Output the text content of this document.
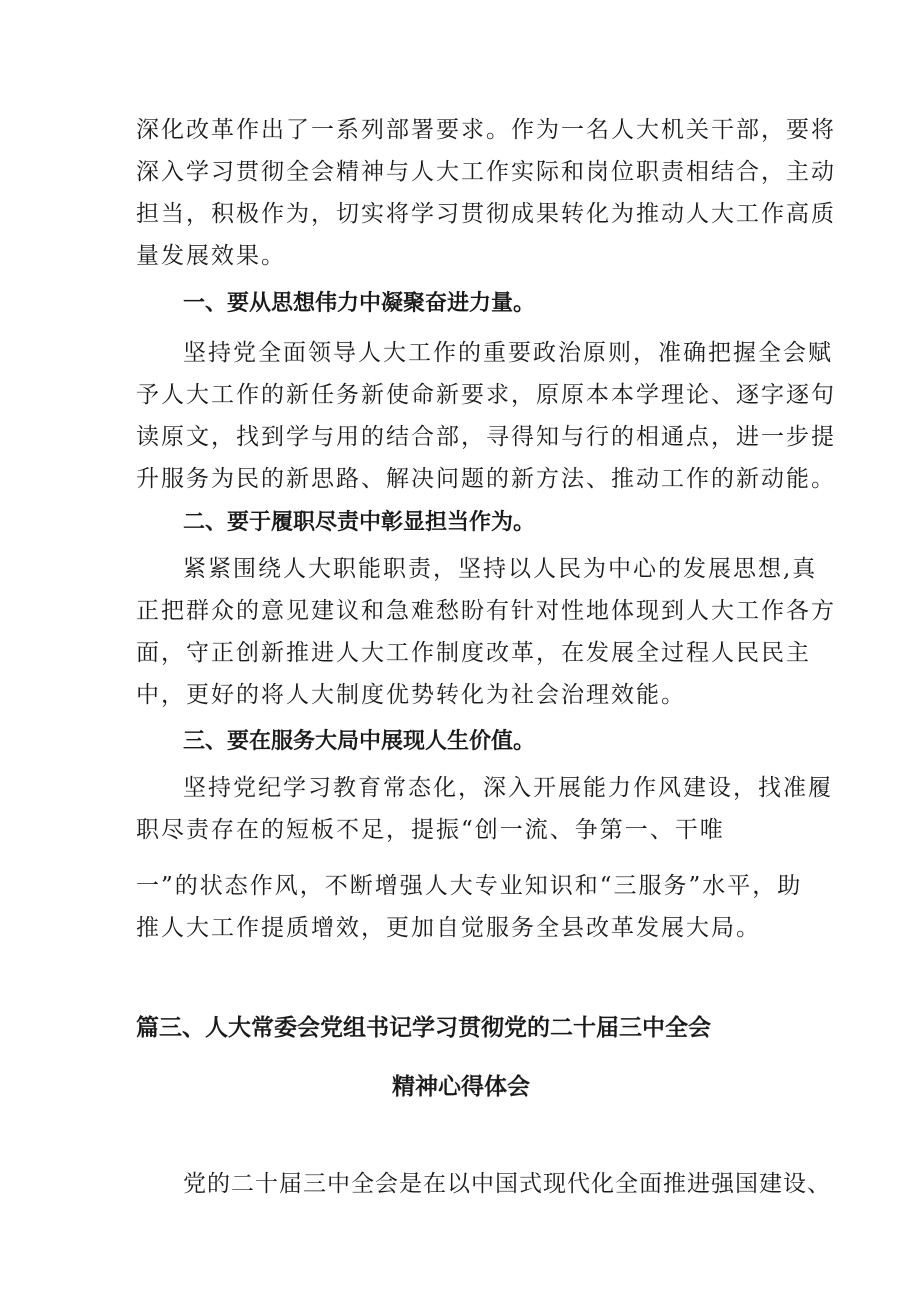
深化改革作出了一系列部署要求。作为一名人大机关干部，要将

深入学习贯彻全会精神与人大工作实际和岗位职责相结合，主动

担当，积极作为，切实将学习贯彻成果转化为推动人大工作高质

量发展效果。

一、要从思想伟力中凝聚奋进力量。

坚持党全面领导人大工作的重要政治原则，准确把握全会赋

予人大工作的新任务新使命新要求，原原本本学理论、逐字逐句

读原文，找到学与用的结合部，寻得知与行的相通点，进一步提

升服务为民的新思路、解决问题的新方法、推动工作的新动能。

二、要于履职尽责中彰显担当作为。

紧紧围绕人大职能职责，坚持以人民为中心的发展思想,真

正把群众的意见建议和急难愁盼有针对性地体现到人大工作各方

面，守正创新推进人大工作制度改革，在发展全过程人民民主

中，更好的将人大制度优势转化为社会治理效能。

三、要在服务大局中展现人生价值。

坚持党纪学习教育常态化，深入开展能力作风建设，找准履

职尽责存在的短板不足，提振“创一流、争第一、干唯

一”的状态作风，不断增强人大专业知识和“三服务”水平，助

推人大工作提质增效，更加自觉服务全县改革发展大局。

篇三、人大常委会党组书记学习贯彻党的二十届三中全会

精神心得体会

党的二十届三中全会是在以中国式现代化全面推进强国建设、
